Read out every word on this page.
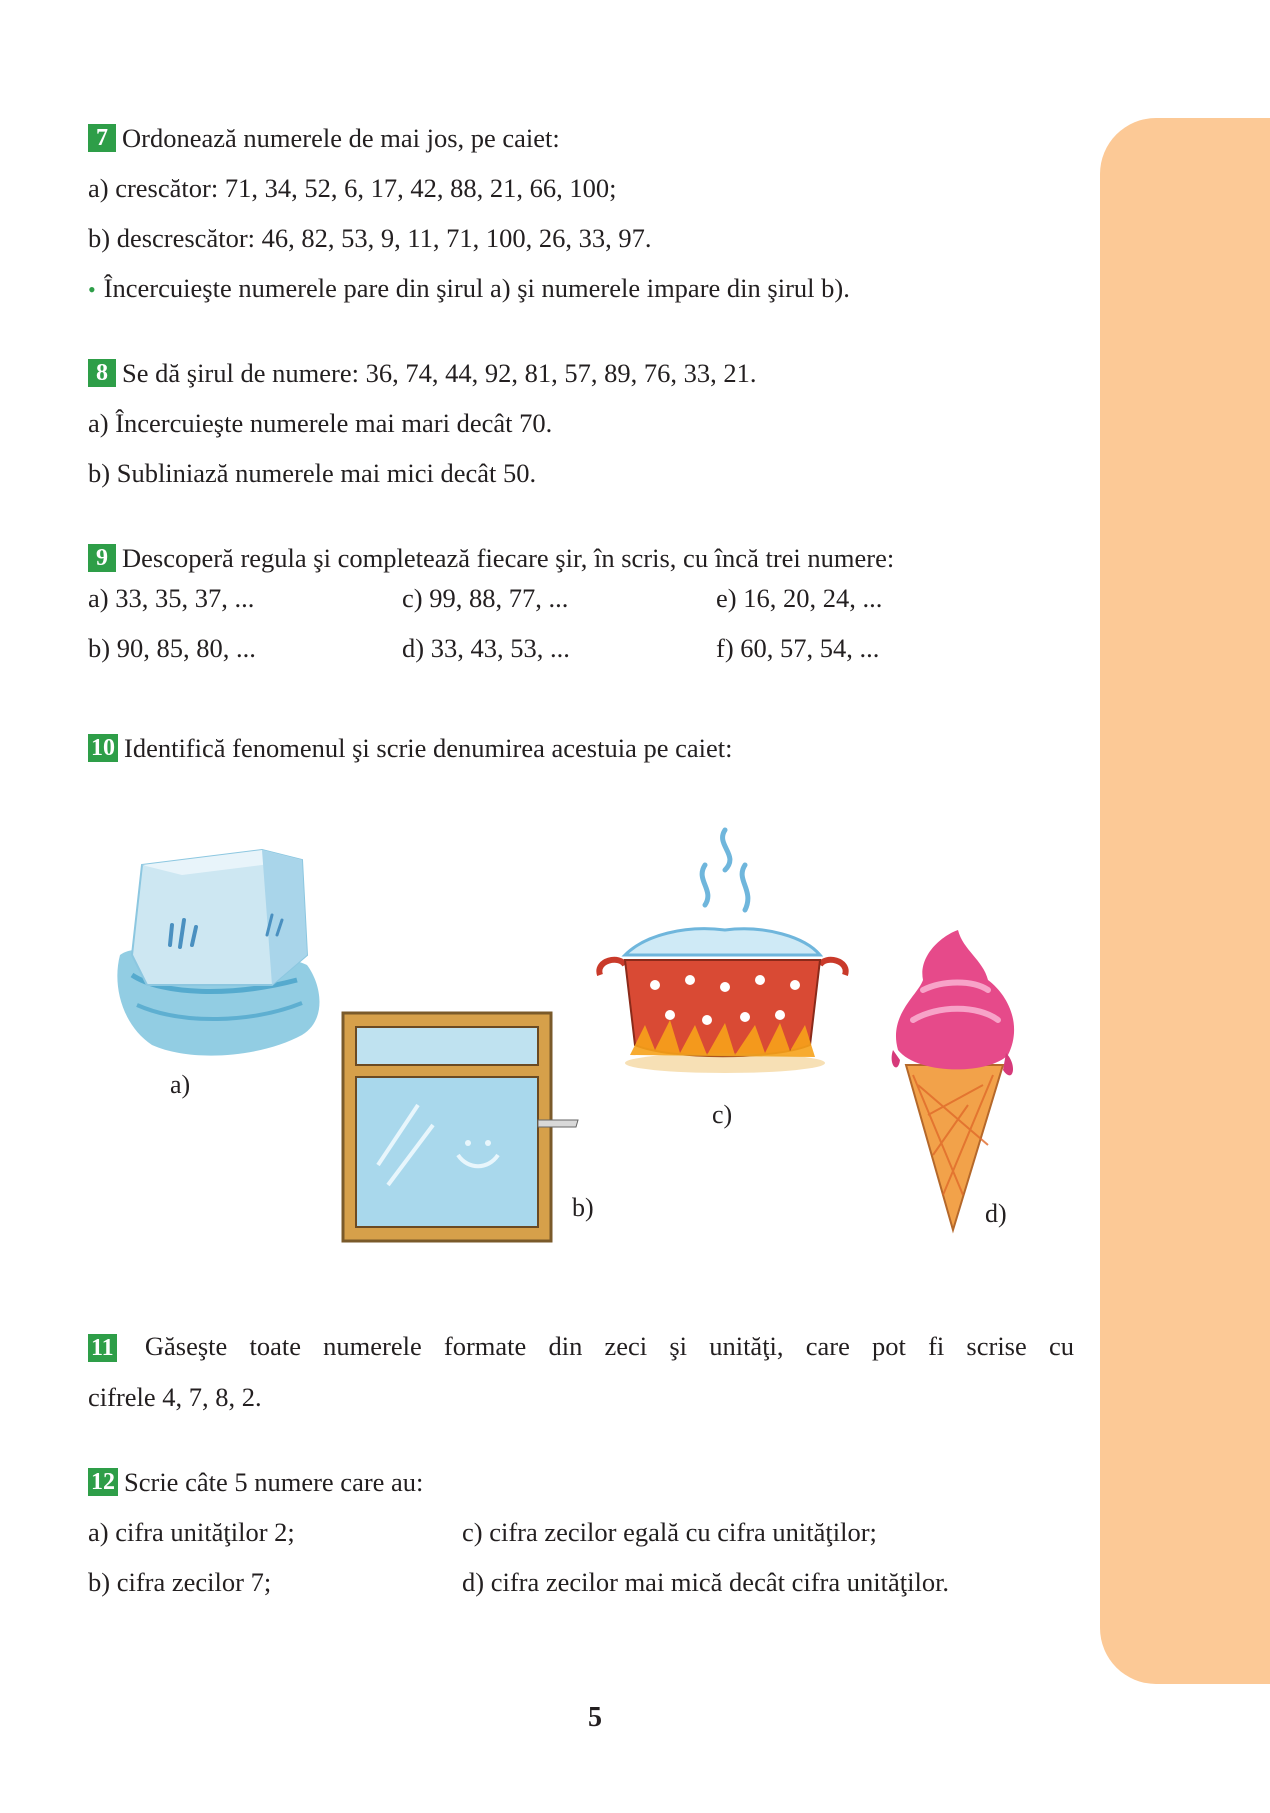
7 Ordonează numerele de mai jos, pe caiet:
a) crescător: 71, 34, 52, 6, 17, 42, 88, 21, 66, 100;
b) descrescător: 46, 82, 53, 9, 11, 71, 100, 26, 33, 97.
• Încercuieşte numerele pare din şirul a) şi numerele impare din şirul b).
8 Se dă şirul de numere: 36, 74, 44, 92, 81, 57, 89, 76, 33, 21.
a) Încercuieşte numerele mai mari decât 70.
b) Subliniază numerele mai mici decât 50.
9 Descoperă regula şi completează fiecare şir, în scris, cu încă trei numere:
a) 33, 35, 37, ...	c) 99, 88, 77, ...	e) 16, 20, 24, ...
b) 90, 85, 80, ...	d) 33, 43, 53, ...	f) 60, 57, 54, ...
10 Identifică fenomenul şi scrie denumirea acestuia pe caiet:
a)
b)
c)
d)
11 Găseşte toate numerele formate din zeci şi unităţi, care pot fi scrise cu
cifrele 4, 7, 8, 2.
12 Scrie câte 5 numere care au:
a) cifra unităţilor 2;	c) cifra zecilor egală cu cifra unităţilor;
b) cifra zecilor 7;	d) cifra zecilor mai mică decât cifra unităţilor.
5
